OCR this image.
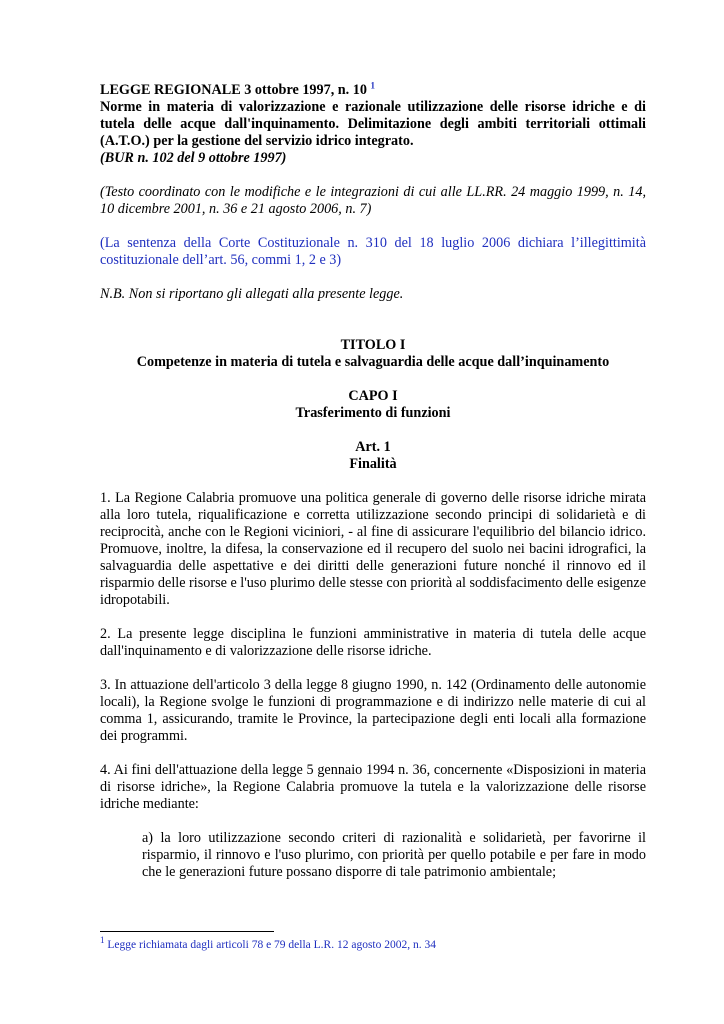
LEGGE REGIONALE 3 ottobre 1997, n. 10 $^1$

Norme in materia di valorizzazione e razionale utilizzazione delle risorse idriche e di tutela delle acque dall'inquinamento. Delimitazione degli ambiti territoriali ottimali (A.T.O.) per la gestione del servizio idrico integrato.

(BUR n. 102 del 9 ottobre 1997)

(Testo coordinato con le modifiche e le integrazioni di cui alle LL.RR. 24 maggio 1999, n. 14, 10 dicembre 2001, n. 36 e 21 agosto 2006, n. 7)

(La sentenza della Corte Costituzionale n. 310 del 18 luglio 2006 dichiara l’illegittimità costituzionale dell’art. 56, commi 1, 2 e 3)

N.B. Non si riportano gli allegati alla presente legge.

TITOLO I

Competenze in materia di tutela e salvaguardia delle acque dall’inquinamento

CAPO I

Trasferimento di funzioni

Art. 1

Finalità

1. La Regione Calabria promuove una politica generale di governo delle risorse idriche mirata alla loro tutela, riqualificazione e corretta utilizzazione secondo principi di solidarietà e di reciprocità, anche con le Regioni viciniori, - al fine di assicurare l'equilibrio del bilancio idrico. Promuove, inoltre, la difesa, la conservazione ed il recupero del suolo nei bacini idrografici, la salvaguardia delle aspettative e dei diritti delle generazioni future nonché il rinnovo ed il risparmio delle risorse e l'uso plurimo delle stesse con priorità al soddisfacimento delle esigenze idropotabili.

2. La presente legge disciplina le funzioni amministrative in materia di tutela delle acque dall'inquinamento e di valorizzazione delle risorse idriche.

3. In attuazione dell'articolo 3 della legge 8 giugno 1990, n. 142 (Ordinamento delle autonomie locali), la Regione svolge le funzioni di programmazione e di indirizzo nelle materie di cui al comma 1, assicurando, tramite le Province, la partecipazione degli enti locali alla formazione dei programmi.

4. Ai fini dell'attuazione della legge 5 gennaio 1994 n. 36, concernente «Disposizioni in materia di risorse idriche», la Regione Calabria promuove la tutela e la valorizzazione delle risorse idriche mediante:

a) la loro utilizzazione secondo criteri di razionalità e solidarietà, per favorirne il risparmio, il rinnovo e l'uso plurimo, con priorità per quello potabile e per fare in modo che le generazioni future possano disporre di tale patrimonio ambientale;

$^1$ Legge richiamata dagli articoli 78 e 79 della L.R. 12 agosto 2002, n. 34
